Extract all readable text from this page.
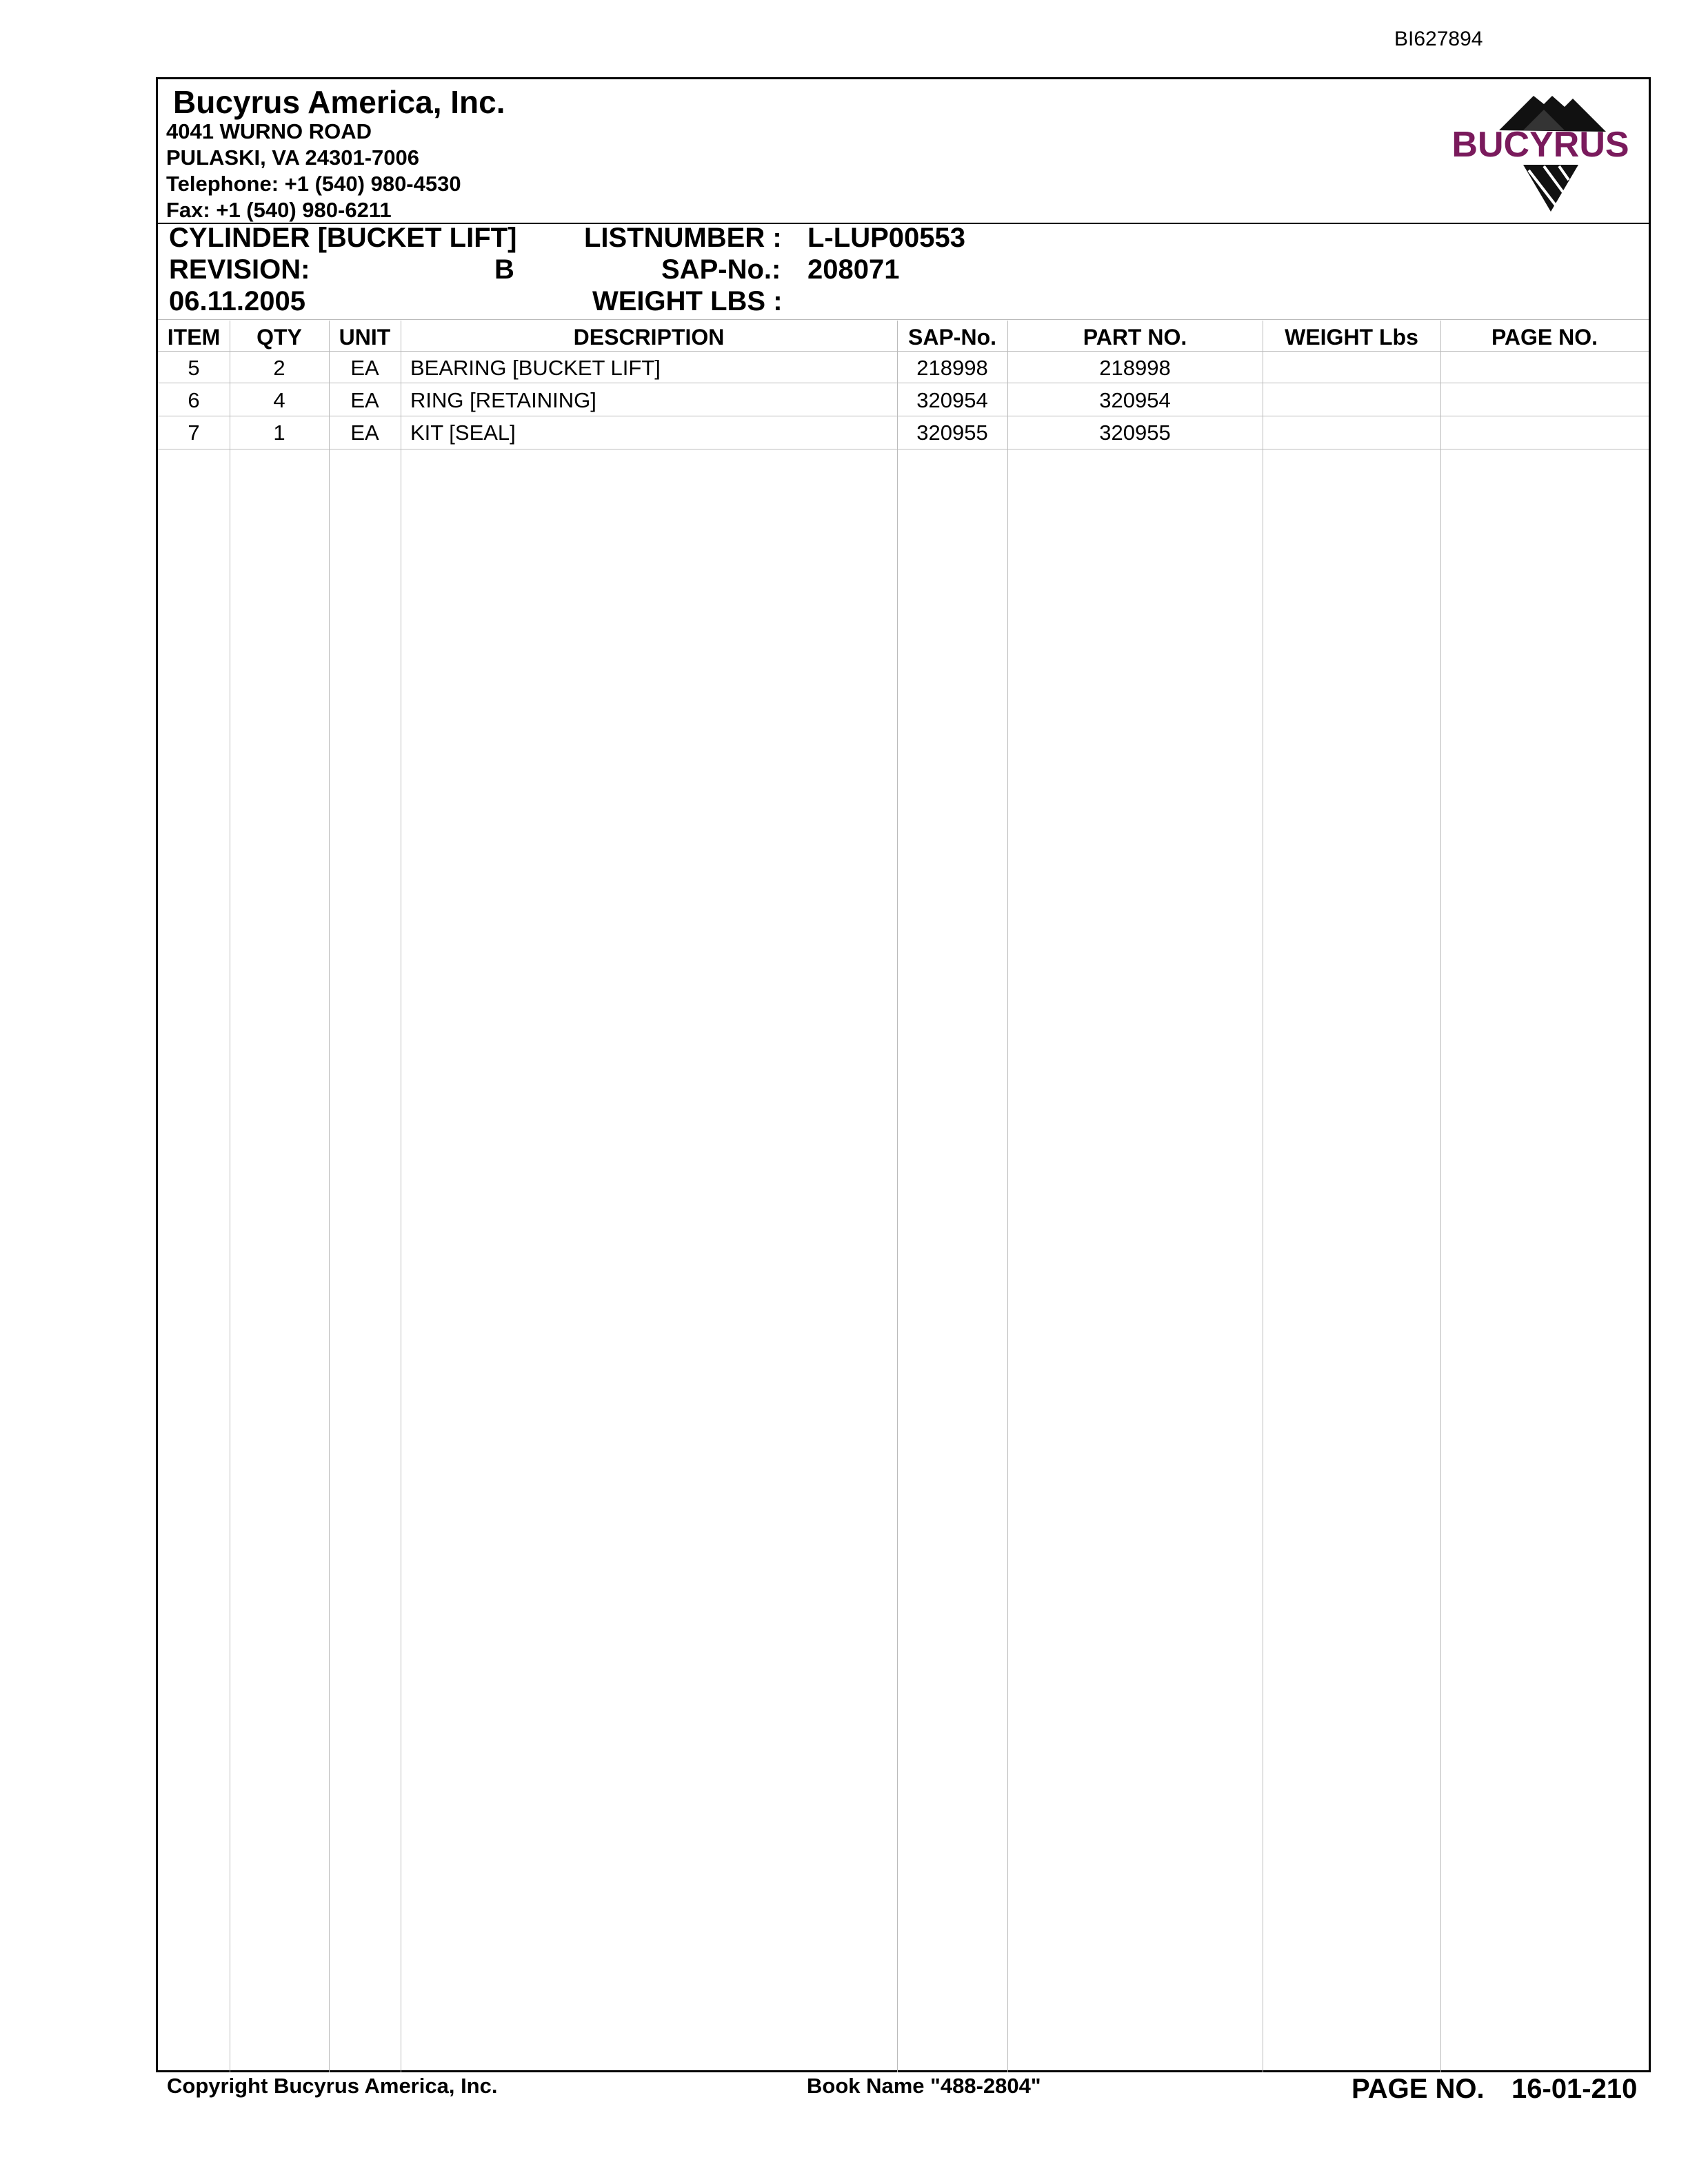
BI627894
Bucyrus America, Inc.
4041 WURNO ROAD
PULASKI, VA 24301-7006
Telephone: +1 (540) 980-4530
Fax: +1 (540) 980-6211
BUCYRUS
CYLINDER [BUCKET LIFT]
REVISION:	B
06.11.2005
LISTNUMBER : L-LUP00553
SAP-No.: 208071
WEIGHT LBS :
ITEM	QTY	UNIT	DESCRIPTION	SAP-No.	PART NO.	WEIGHT Lbs	PAGE NO.
5	2	EA	BEARING [BUCKET LIFT]	218998	218998
6	4	EA	RING [RETAINING]	320954	320954
7	1	EA	KIT [SEAL]	320955	320955
Copyright Bucyrus America, Inc.	Book Name "488-2804"	PAGE NO. 16-01-210
